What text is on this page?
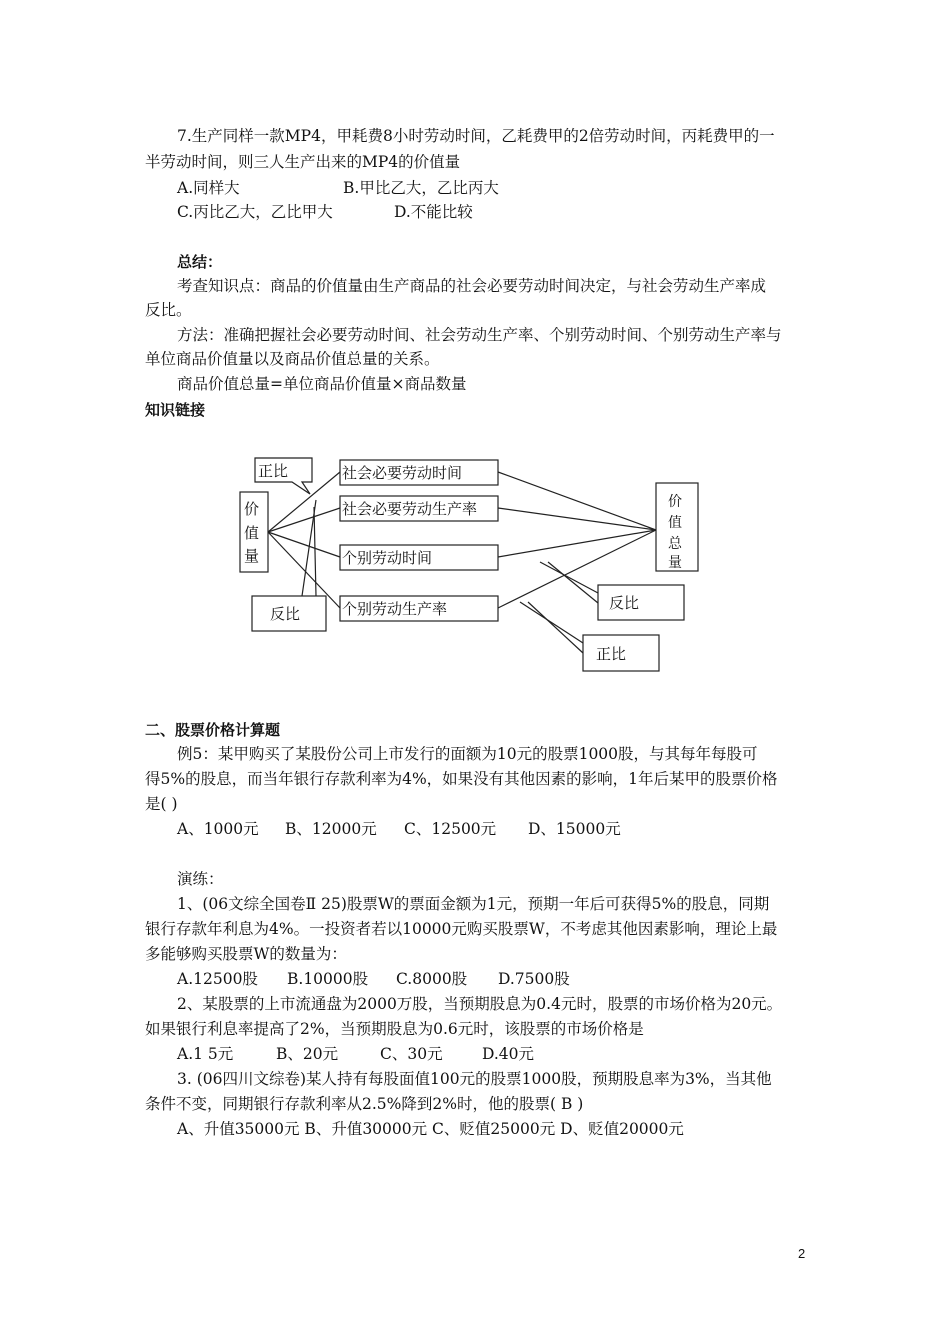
7.生产同样一款MP4，甲耗费8小时劳动时间，乙耗费甲的2倍劳动时间，丙耗费甲的一
半劳动时间，则三人生产出来的MP4的价值量
A.同样大	B.甲比乙大，乙比丙大
C.丙比乙大，乙比甲大	D.不能比较
总结：
考查知识点：商品的价值量由生产商品的社会必要劳动时间决定，与社会劳动生产率成
反比。
方法：准确把握社会必要劳动时间、社会劳动生产率、个别劳动时间、个别劳动生产率与
单位商品价值量以及商品价值总量的关系。
商品价值总量=单位商品价值量×商品数量
知识链接
价
值
量
价
值
总
量
社会必要劳动时间
社会必要劳动生产率
个别劳动时间
个别劳动生产率
正比
反比
反比
正比
二、股票价格计算题
例5：某甲购买了某股份公司上市发行的面额为10元的股票1000股，与其每年每股可
得5%的股息，而当年银行存款利率为4%，如果没有其他因素的影响，1年后某甲的股票价格
是( )
A、1000元 B、12000元 C、12500元 D、15000元
演练：
1、(06文综全国卷Ⅱ 25)股票W的票面金额为1元，预期一年后可获得5%的股息，同期
银行存款年利息为4%。一投资者若以10000元购买股票W，不考虑其他因素影响，理论上最
多能够购买股票W的数量为：
A.12500股 B.10000股 C.8000股 D.7500股
2、某股票的上市流通盘为2000万股，当预期股息为0.4元时，股票的市场价格为20元。
如果银行利息率提高了2%，当预期股息为0.6元时，该股票的市场价格是
A.1 5元	B、20元	C、30元	D.40元
3. (06四川文综卷)某人持有每股面值100元的股票1000股，预期股息率为3%，当其他
条件不变，同期银行存款利率从2.5%降到2%时，他的股票( B )
A、升值35000元 B、升值30000元 C、贬值25000元 D、贬值20000元
2
